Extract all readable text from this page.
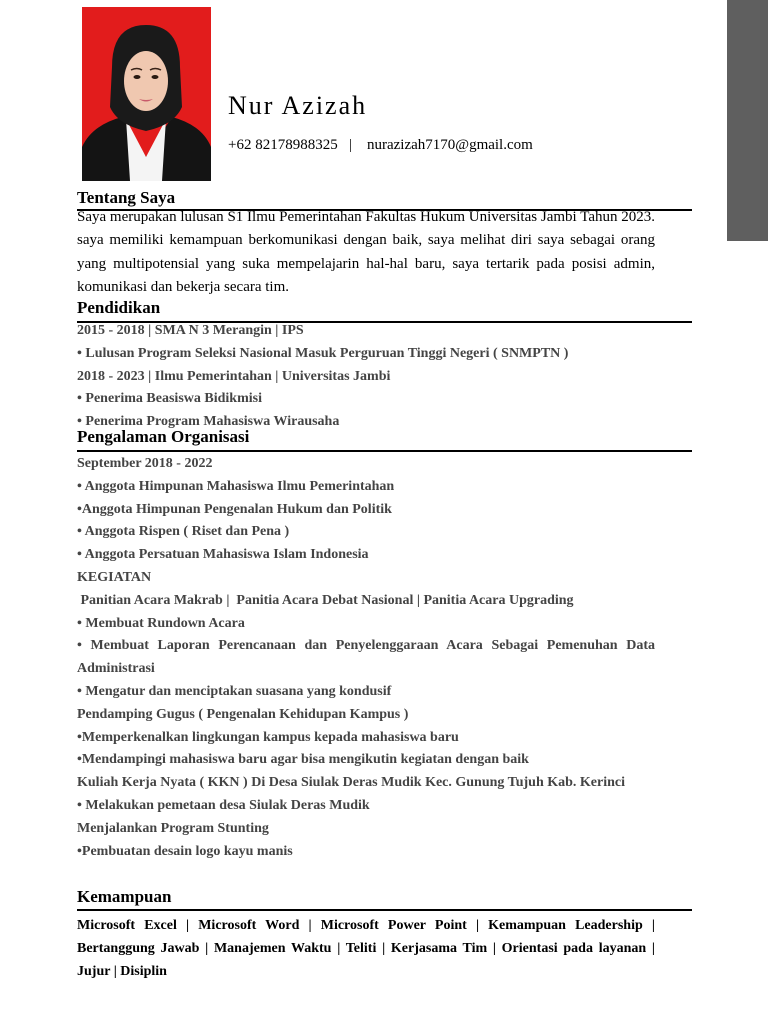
Nur Azizah
+62 82178988325   |    nurazizah7170@gmail.com
Tentang Saya

Saya merupakan lulusan S1 Ilmu Pemerintahan Fakultas Hukum Universitas Jambi Tahun 2023. saya memiliki kemampuan berkomunikasi dengan baik, saya melihat diri saya sebagai orang yang multipotensial yang suka mempelajarin hal-hal baru, saya tertarik pada posisi admin, komunikasi dan bekerja secara tim.

Pendidikan
2015 - 2018 | SMA N 3 Merangin | IPS
• Lulusan Program Seleksi Nasional Masuk Perguruan Tinggi Negeri ( SNMPTN )
2018 - 2023 | Ilmu Pemerintahan | Universitas Jambi
• Penerima Beasiswa Bidikmisi
• Penerima Program Mahasiswa Wirausaha
Pengalaman Organisasi
September 2018 - 2022
• Anggota Himpunan Mahasiswa Ilmu Pemerintahan
•Anggota Himpunan Pengenalan Hukum dan Politik
• Anggota Rispen ( Riset dan Pena )
• Anggota Persatuan Mahasiswa Islam Indonesia
KEGIATAN
Panitian Acara Makrab |  Panitia Acara Debat Nasional | Panitia Acara Upgrading
• Membuat Rundown Acara
• Membuat Laporan Perencanaan dan Penyelenggaraan Acara Sebagai Pemenuhan Data Administrasi
• Mengatur dan menciptakan suasana yang kondusif
Pendamping Gugus ( Pengenalan Kehidupan Kampus )
•Memperkenalkan lingkungan kampus kepada mahasiswa baru
•Mendampingi mahasiswa baru agar bisa mengikutin kegiatan dengan baik
Kuliah Kerja Nyata ( KKN ) Di Desa Siulak Deras Mudik Kec. Gunung Tujuh Kab. Kerinci
• Melakukan pemetaan desa Siulak Deras Mudik
Menjalankan Program Stunting
•Pembuatan desain logo kayu manis
Kemampuan

Microsoft Excel | Microsoft Word | Microsoft Power Point | Kemampuan Leadership | Bertanggung Jawab | Manajemen Waktu | Teliti | Kerjasama Tim | Orientasi pada layanan | Jujur | Disiplin
